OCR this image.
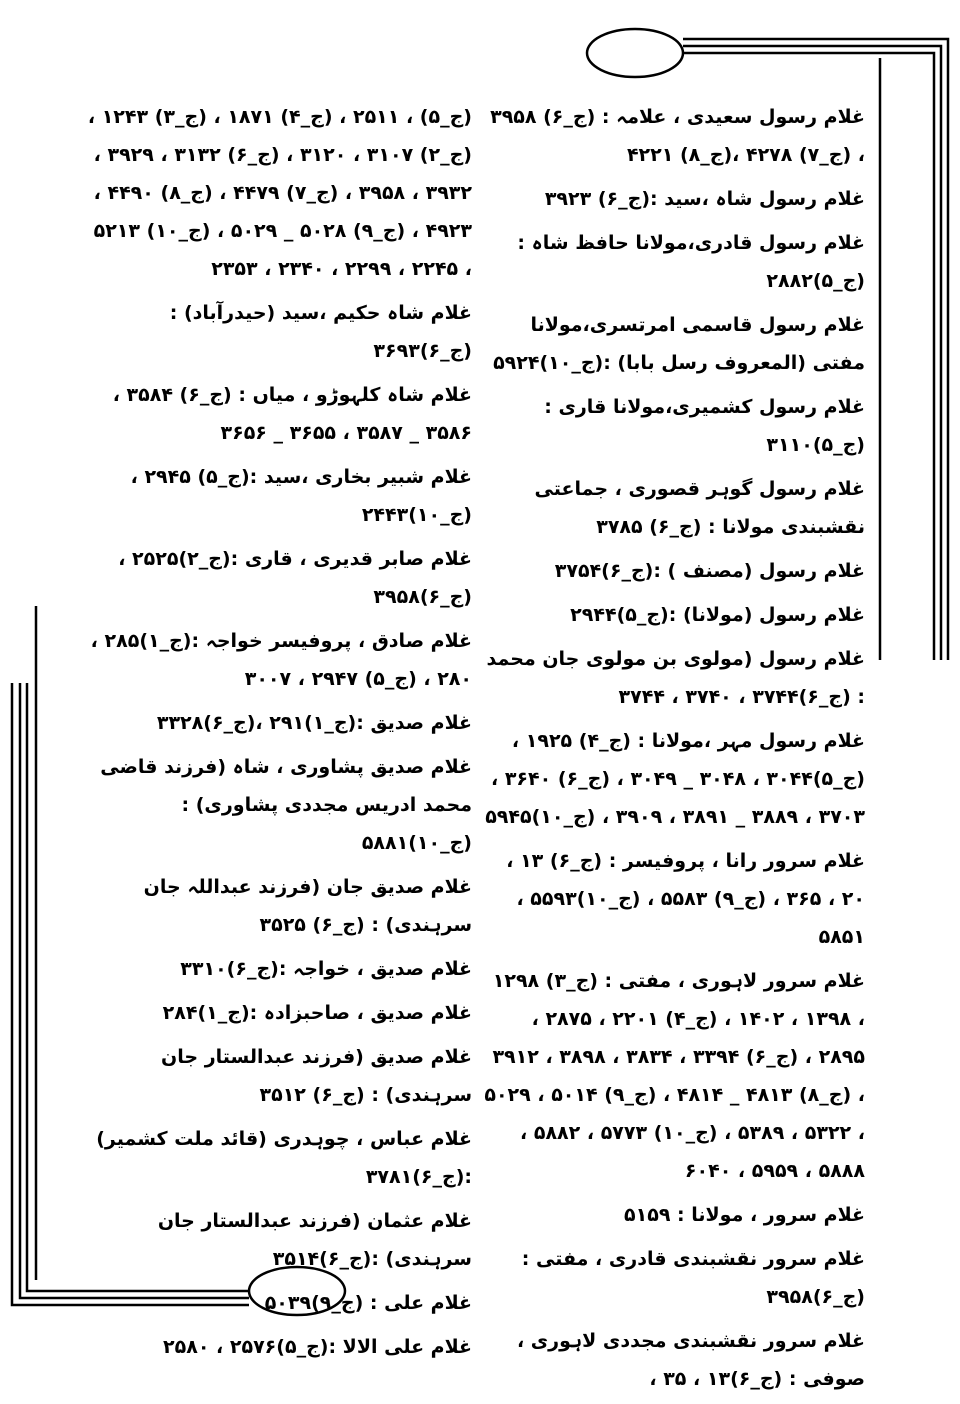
غلام رسول سعیدی ، علامہ : (ج_۶) ۳۹۵۸ ، (ج_۷) ۴۲۷۸ ،(ج_۸) ۴۲۲۱
غلام رسول شاہ ،سید :(ج_۶) ۳۹۲۳
غلام رسول قادری،مولانا حافظ شاہ :(ج_۵)۲۸۸۲
غلام رسول قاسمی امرتسری،مولانا مفتی (المعروف رسل بابا) :(ج_۱۰)۵۹۲۴
غلام رسول کشمیری،مولانا قاری :(ج_۵)۳۱۱۰
غلام رسول گوہر قصوری ، جماعتی نقشبندی مولانا : (ج_۶) ۳۷۸۵
غلام رسول (مصنف ) :(ج_۶)۳۷۵۴
غلام رسول (مولانا) :(ج_۵)۲۹۴۴
غلام رسول (مولوی بن مولوی جان محمد : (ج_۶)۳۷۴۴ ، ۳۷۴۰ ، ۳۷۴۴
غلام رسول مہر ،مولانا : (ج_۴) ۱۹۲۵ ، (ج_۵)۳۰۴۴ ، ۳۰۴۸ _ ۳۰۴۹ ، (ج_۶) ۳۶۴۰ ، ۳۷۰۳ ، ۳۸۸۹ _ ۳۸۹۱ ، ۳۹۰۹ ، (ج_۱۰)۵۹۴۵
غلام سرور رانا ، پروفیسر : (ج_۶) ۱۳ ، ۲۰ ، ۳۶۵ ، (ج_۹) ۵۵۸۳ ، (ج_۱۰)۵۵۹۳ ، ۵۸۵۱
غلام سرور لاہوری ، مفتی : (ج_۳) ۱۲۹۸ ، ۱۳۹۸ ، ۱۴۰۲ ، (ج_۴) ۲۲۰۱ ، ۲۸۷۵ ، ۲۸۹۵ ، (ج_۶) ۳۳۹۴ ، ۳۸۳۴ ، ۳۸۹۸ ، ۳۹۱۲ ، (ج_۸) ۴۸۱۳ _ ۴۸۱۴ ، (ج_۹) ۵۰۱۴ ، ۵۰۲۹ ، ۵۳۲۲ ، ۵۳۸۹ ، (ج_۱۰) ۵۷۷۳ ، ۵۸۸۲ ، ۵۸۸۸ ، ۵۹۵۹ ، ۶۰۴۰
غلام سرور ، مولانا : ۵۱۵۹
غلام سرور نقشبندی قادری ، مفتی : (ج_۶)۳۹۵۸
غلام سرور نقشبندی مجددی لاہوری ، صوفی : (ج_۶)۱۳ ، ۳۵ ،
(ج_۵) ، ۲۵۱۱ ، (ج_۴) ۱۸۷۱ ، (ج_۳) ۱۲۴۳ ، (ج_۲) ۳۱۰۷ ، ۳۱۲۰ ، (ج_۶) ۳۱۳۲ ، ۳۹۲۹ ، ۳۹۳۲ ، ۳۹۵۸ ، (ج_۷) ۴۴۷۹ ، (ج_۸) ۴۴۹۰ ، ۴۹۲۳ ، (ج_۹) ۵۰۲۸ _ ۵۰۲۹ ، (ج_۱۰) ۵۲۱۳ ، ۲۲۴۵ ، ۲۲۹۹ ، ۲۳۴۰ ، ۲۳۵۳
غلام شاہ حکیم ،سید (حیدرآباد) :(ج_۶)۳۶۹۳
غلام شاہ کلہوڑو ، میاں : (ج_۶) ۳۵۸۴ ، ۳۵۸۶ _ ۳۵۸۷ ، ۳۶۵۵ _ ۳۶۵۶
غلام شبیر بخاری ،سید :(ج_۵) ۲۹۴۵ ،(ج_۱۰)۲۴۴۳
غلام صابر قدیری ، قاری :(ج_۲)۲۵۲۵ ،(ج_۶)۳۹۵۸
غلام صادق ، پروفیسر خواجہ :(ج_۱)۲۸۵ ، ۲۸۰ ، (ج_۵) ۲۹۴۷ ، ۳۰۰۷
غلام صدیق :(ج_۱)۲۹۱ ،(ج_۶)۳۳۲۸
غلام صدیق پشاوری ، شاہ (فرزند قاضی محمد ادریس مجددی پشاوری) :(ج_۱۰)۵۸۸۱
غلام صدیق جان (فرزند عبداللہ جان سرہندی) : (ج_۶) ۳۵۲۵
غلام صدیق ، خواجہ :(ج_۶)۳۳۱۰
غلام صدیق ، صاحبزادہ :(ج_۱)۲۸۴
غلام صدیق (فرزند عبدالستار جان سرہندی) : (ج_۶) ۳۵۱۲
غلام عباس ، چوہدری (قائد ملت کشمیر) :(ج_۶)۳۷۸۱
غلام عثمان (فرزند عبدالستار جان سرہندی) :(ج_۶)۳۵۱۴
غلام علی : (ج_۹)۵۰۳۹
غلام علی الالا :(ج_۵)۲۵۷۶ ، ۲۵۸۰
